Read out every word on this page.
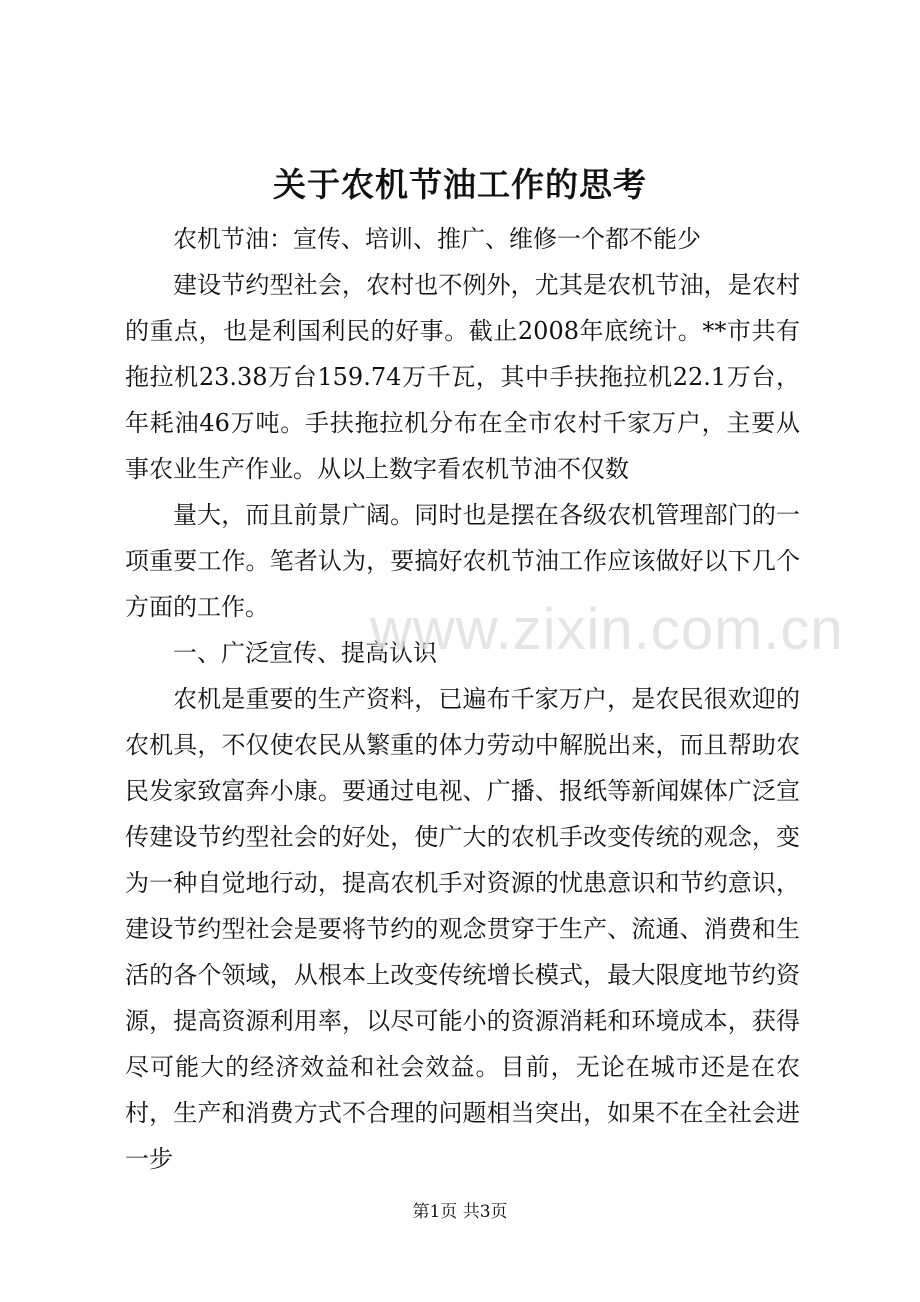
关于农机节油工作的思考

农机节油：宣传、培训、推广、维修一个都不能少

建设节约型社会，农村也不例外，尤其是农机节油，是农村的重点，也是利国利民的好事。截止2008年底统计。**市共有拖拉机23.38万台159.74万千瓦，其中手扶拖拉机22.1万台，年耗油46万吨。手扶拖拉机分布在全市农村千家万户，主要从事农业生产作业。从以上数字看农机节油不仅数

量大，而且前景广阔。同时也是摆在各级农机管理部门的一项重要工作。笔者认为，要搞好农机节油工作应该做好以下几个方面的工作。

一、广泛宣传、提高认识

农机是重要的生产资料，已遍布千家万户，是农民很欢迎的农机具，不仅使农民从繁重的体力劳动中解脱出来，而且帮助农民发家致富奔小康。要通过电视、广播、报纸等新闻媒体广泛宣传建设节约型社会的好处，使广大的农机手改变传统的观念，变为一种自觉地行动，提高农机手对资源的忧患意识和节约意识，建设节约型社会是要将节约的观念贯穿于生产、流通、消费和生活的各个领域，从根本上改变传统增长模式，最大限度地节约资源，提高资源利用率，以尽可能小的资源消耗和环境成本，获得尽可能大的经济效益和社会效益。目前，无论在城市还是在农村，生产和消费方式不合理的问题相当突出，如果不在全社会进一步

www.zixin.com.cn
第1页 共3页
